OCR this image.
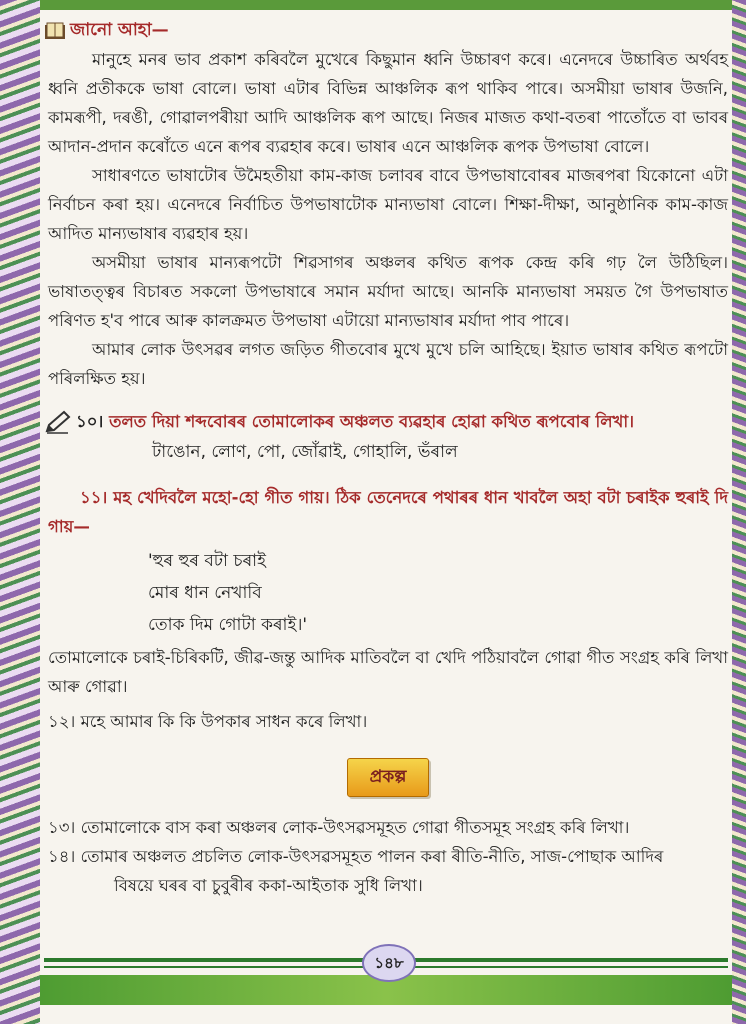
জানো আহা—

মানুহে মনৰ ভাব প্ৰকাশ কৰিবলৈ মুখেৰে কিছুমান ধ্বনি উচ্চাৰণ কৰে। এনেদৰে উচ্চাৰিত অৰ্থবহ ধ্বনি প্ৰতীককে ভাষা বোলে। ভাষা এটাৰ বিভিন্ন আঞ্চলিক ৰূপ থাকিব পাৰে। অসমীয়া ভাষাৰ উজনি, কামৰূপী, দৰঙী, গোৱালপৰীয়া আদি আঞ্চলিক ৰূপ আছে। নিজৰ মাজত কথা-বতৰা পাতোঁতে বা ভাবৰ আদান-প্ৰদান কৰোঁতে এনে ৰূপৰ ব্যৱহাৰ কৰে। ভাষাৰ এনে আঞ্চলিক ৰূপক উপভাষা বোলে।

সাধাৰণতে ভাষাটোৰ উমৈহতীয়া কাম-কাজ চলাবৰ বাবে উপভাষাবোৰৰ মাজৰপৰা যিকোনো এটা নিৰ্বাচন কৰা হয়। এনেদৰে নিৰ্বাচিত উপভাষাটোক মান্যভাষা বোলে। শিক্ষা-দীক্ষা, আনুষ্ঠানিক কাম-কাজ আদিত মান্যভাষাৰ ব্যৱহাৰ হয়।

অসমীয়া ভাষাৰ মান্যৰূপটো শিৱসাগৰ অঞ্চলৰ কথিত ৰূপক কেন্দ্ৰ কৰি গঢ় লৈ উঠিছিল। ভাষাতত্ত্বৰ বিচাৰত সকলো উপভাষাৰে সমান মৰ্যাদা আছে। আনকি মান্যভাষা সময়ত গৈ উপভাষাত পৰিণত হ'ব পাৰে আৰু কালক্ৰমত উপভাষা এটায়ো মান্যভাষাৰ মৰ্যাদা পাব পাৰে।

আমাৰ লোক উৎসৱৰ লগত জড়িত গীতবোৰ মুখে মুখে চলি আহিছে। ইয়াত ভাষাৰ কথিত ৰূপটো পৰিলক্ষিত হয়।

১০। তলত দিয়া শব্দবোৰৰ তোমালোকৰ অঞ্চলত ব্যৱহাৰ হোৱা কথিত ৰূপবোৰ লিখা।
টাঙোন, লোণ, পো, জোঁৱাই, গোহালি, ভঁৰাল

১১। মহ খেদিবলৈ মহো-হো গীত গায়। ঠিক তেনেদৰে পথাৰৰ ধান খাবলৈ অহা বটা চৰাইক হুৰাই দি গায়—

'হুৰ হুৰ বটা চৰাই
মোৰ ধান নেখাবি
তোক দিম গোটা কৰাই।'

তোমালোকে চৰাই-চিৰিকটি, জীৱ-জন্তু আদিক মাতিবলৈ বা খেদি পঠিয়াবলৈ গোৱা গীত সংগ্ৰহ কৰি লিখা আৰু গোৱা।

১২। মহে আমাৰ কি কি উপকাৰ সাধন কৰে লিখা।

প্ৰকল্প

১৩। তোমালোকে বাস কৰা অঞ্চলৰ লোক-উৎসৱসমূহত গোৱা গীতসমূহ সংগ্ৰহ কৰি লিখা।

১৪। তোমাৰ অঞ্চলত প্ৰচলিত লোক-উৎসৱসমূহত পালন কৰা ৰীতি-নীতি, সাজ-পোছাক আদিৰ

বিষয়ে ঘৰৰ বা চুবুৰীৰ ককা-আইতাক সুধি লিখা।

১৪৮
